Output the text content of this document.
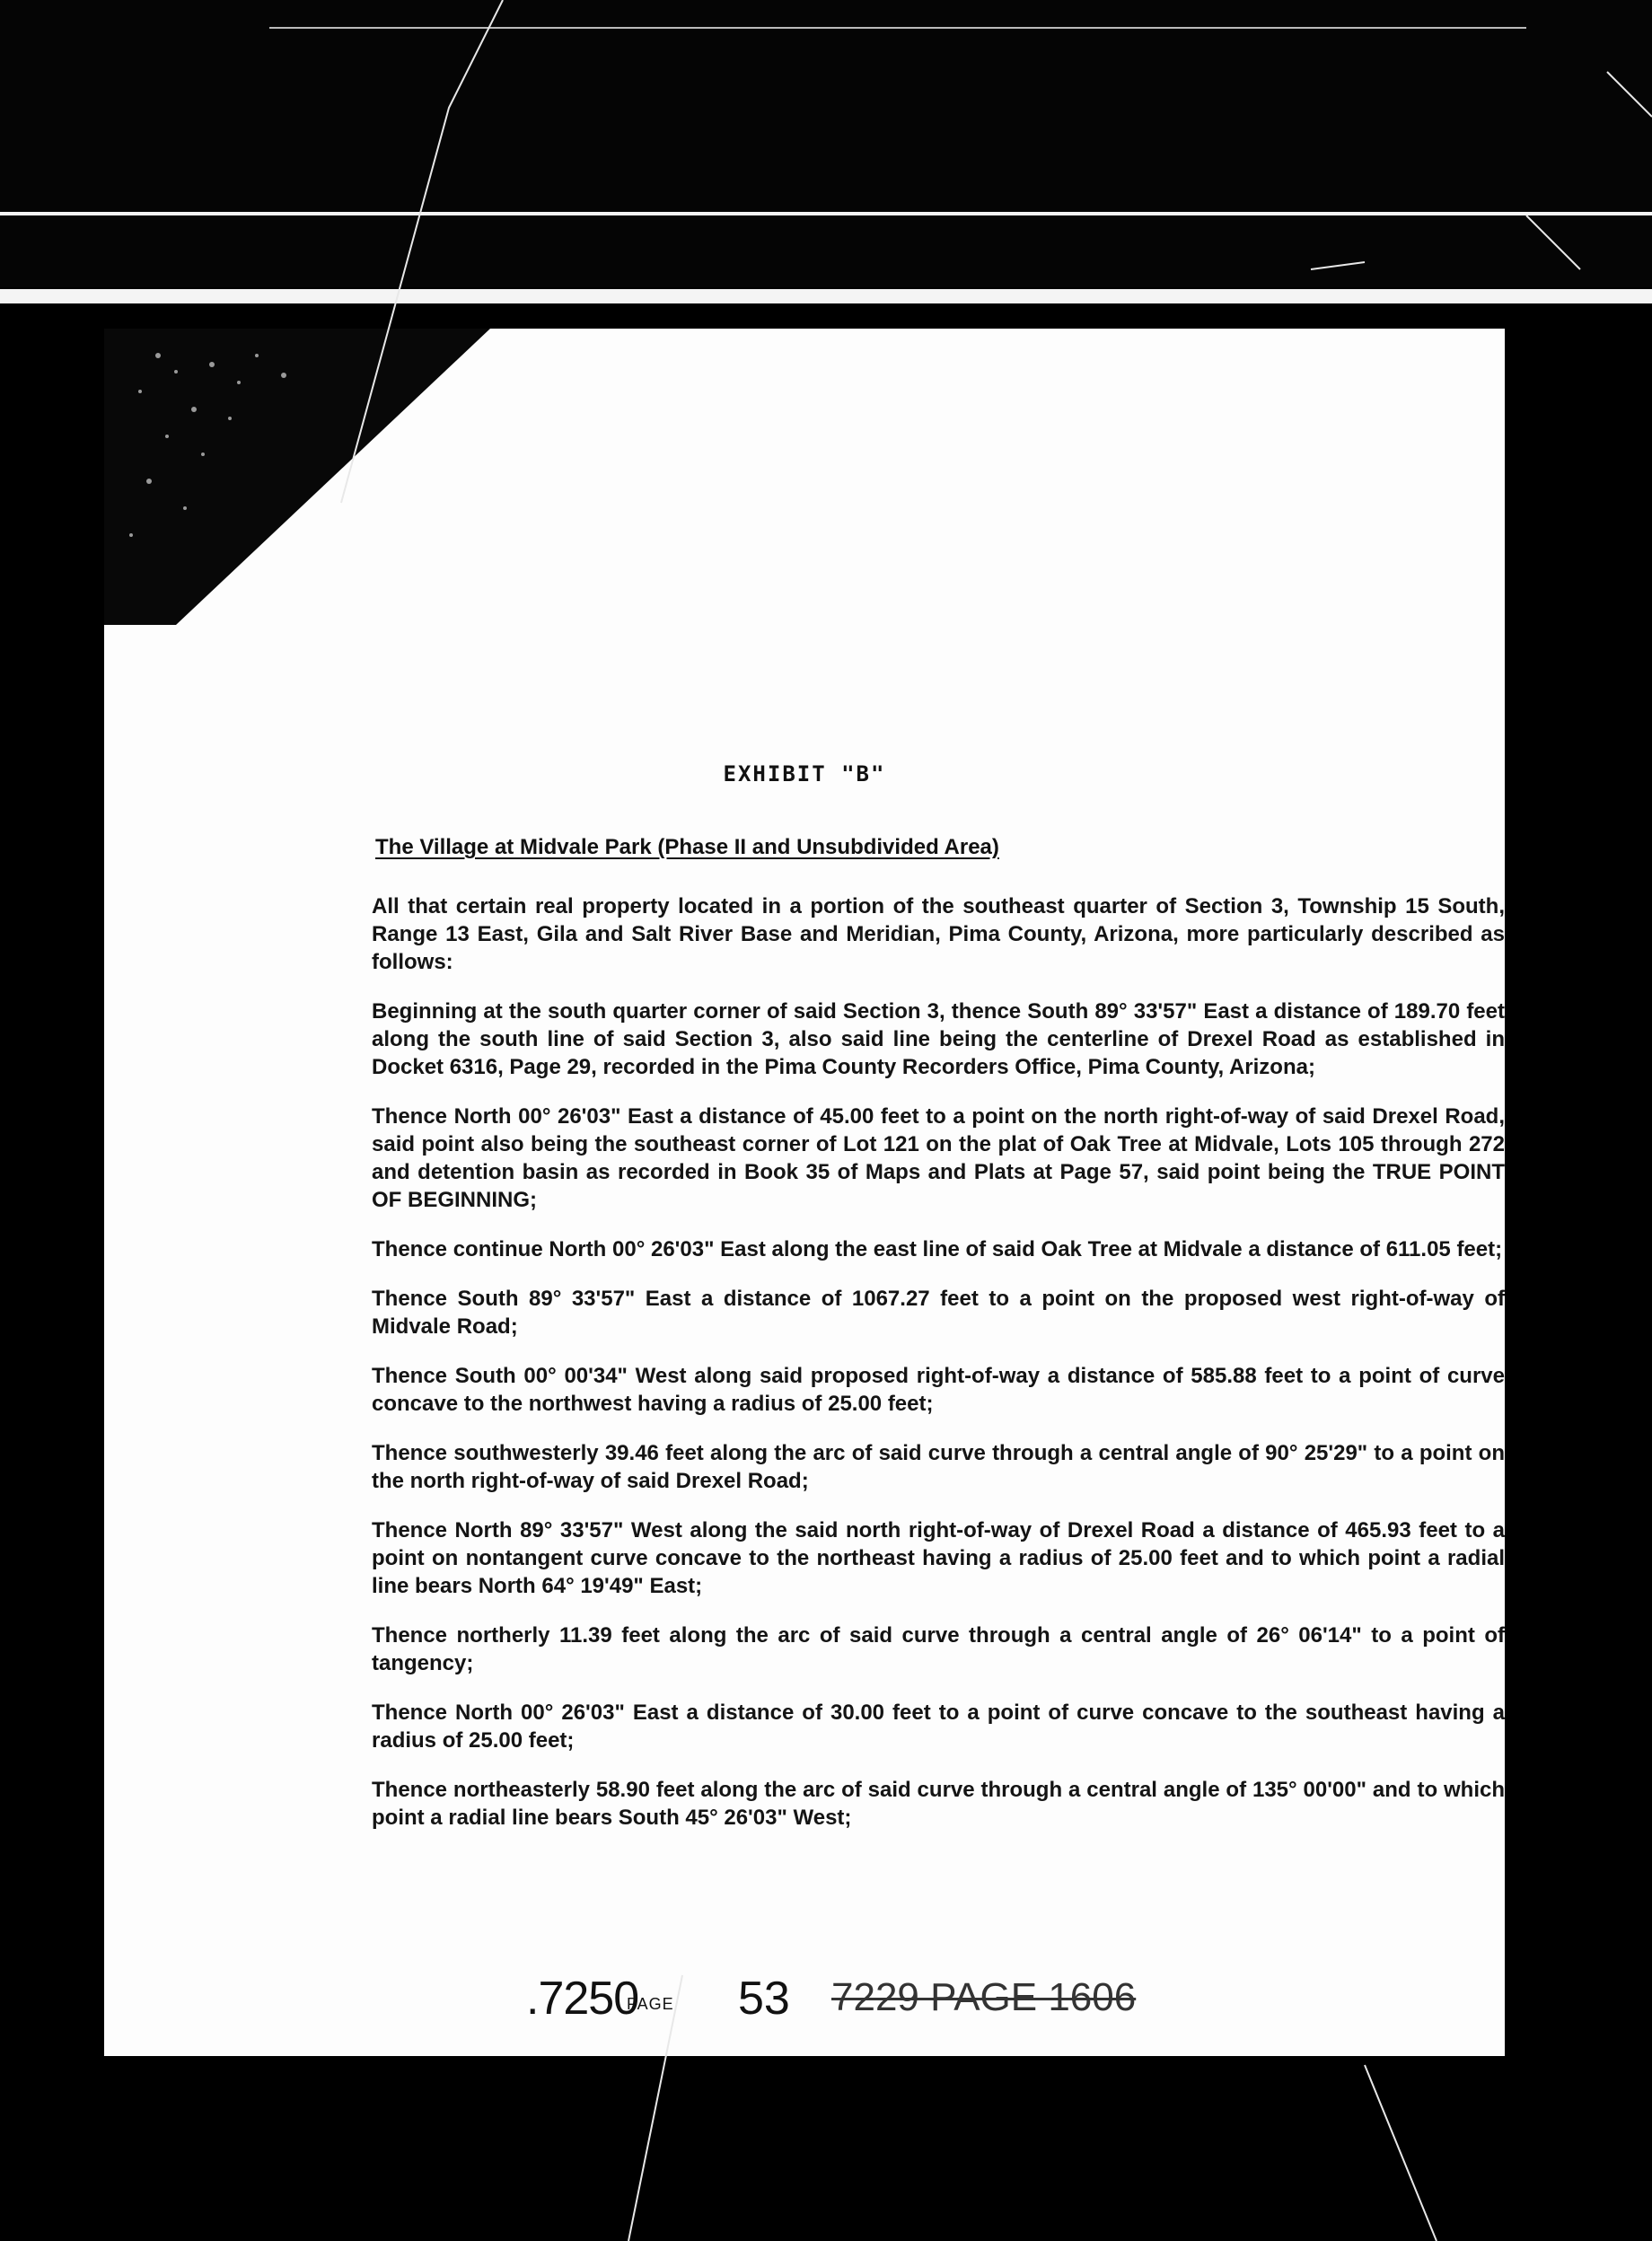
EXHIBIT "B"
The Village at Midvale Park (Phase II and Unsubdivided Area)

All that certain real property located in a portion of the southeast quarter of Section 3, Township 15 South, Range 13 East, Gila and Salt River Base and Meridian, Pima County, Arizona, more particularly described as follows:

Beginning at the south quarter corner of said Section 3, thence South 89° 33'57" East a distance of 189.70 feet along the south line of said Section 3, also said line being the centerline of Drexel Road as established in Docket 6316, Page 29, recorded in the Pima County Recorders Office, Pima County, Arizona;

Thence North 00° 26'03" East a distance of 45.00 feet to a point on the north right-of-way of said Drexel Road, said point also being the southeast corner of Lot 121 on the plat of Oak Tree at Midvale, Lots 105 through 272 and detention basin as recorded in Book 35 of Maps and Plats at Page 57, said point being the TRUE POINT OF BEGINNING;

Thence continue North 00° 26'03" East along the east line of said Oak Tree at Midvale a distance of 611.05 feet;

Thence South 89° 33'57" East a distance of 1067.27 feet to a point on the proposed west right-of-way of Midvale Road;

Thence South 00° 00'34" West along said proposed right-of-way a distance of 585.88 feet to a point of curve concave to the northwest having a radius of 25.00 feet;

Thence southwesterly 39.46 feet along the arc of said curve through a central angle of 90° 25'29" to a point on the north right-of-way of said Drexel Road;

Thence North 89° 33'57" West along the said north right-of-way of Drexel Road a distance of 465.93 feet to a point on nontangent curve concave to the northeast having a radius of 25.00 feet and to which point a radial line bears North 64° 19'49" East;

Thence northerly 11.39 feet along the arc of said curve through a central angle of 26° 06'14" to a point of tangency;

Thence North 00° 26'03" East a distance of 30.00 feet to a point of curve concave to the southeast having a radius of 25.00 feet;

Thence northeasterly 58.90 feet along the arc of said curve through a central angle of 135° 00'00" and to which point a radial line bears South 45° 26'03" West;

.7250
PAGE 53 7229 PAGE 1606
